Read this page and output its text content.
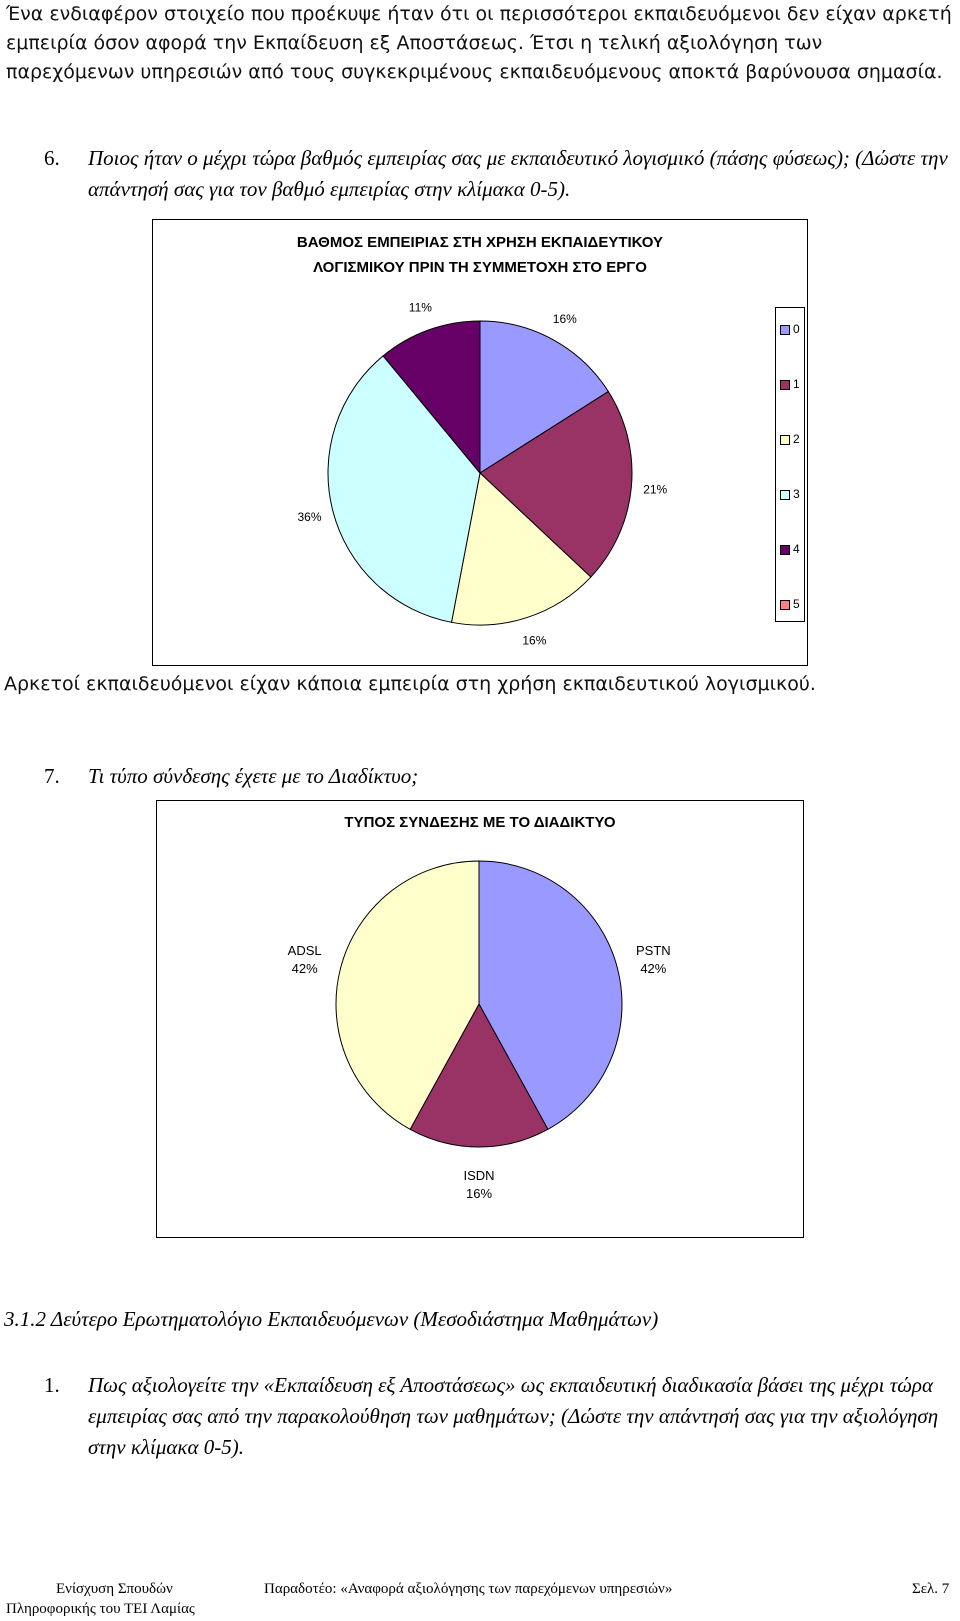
Ένα ενδιαφέρον στοιχείο που προέκυψε ήταν ότι οι περισσότεροι εκπαιδευόμενοι δεν είχαν αρκετή εμπειρία όσον αφορά την Εκπαίδευση εξ Αποστάσεως. Έτσι η τελική αξιολόγηση των παρεχόμενων υπηρεσιών από τους συγκεκριμένους εκπαιδευόμενους αποκτά βαρύνουσα σημασία.
6.	Ποιος ήταν ο μέχρι τώρα βαθμός εμπειρίας σας με εκπαιδευτικό λογισμικό (πάσης φύσεως); (Δώστε την απάντησή σας για τον βαθμό εμπειρίας στην κλίμακα 0-5).
ΒΑΘΜΟΣ ΕΜΠΕΙΡΙΑΣ ΣΤΗ ΧΡΗΣΗ ΕΚΠΑΙΔΕΥΤΙΚΟΥ
ΛΟΓΙΣΜΙΚΟΥ ΠΡΙΝ ΤΗ ΣΥΜΜΕΤΟΧΗ ΣΤΟ ΕΡΓΟ
16%
21%
16%
36%
11%
0
1
2
3
4
5
Αρκετοί εκπαιδευόμενοι είχαν κάποια εμπειρία στη χρήση εκπαιδευτικού λογισμικού.
7.	Τι τύπο σύνδεσης έχετε με το Διαδίκτυο;
ΤΥΠΟΣ ΣΥΝΔΕΣΗΣ ΜΕ ΤΟ ΔΙΑΔΙΚΤΥΟ
PSTN
42%
ISDN
16%
ADSL
42%
3.1.2 Δεύτερο Ερωτηματολόγιο Εκπαιδευόμενων (Μεσοδιάστημα Μαθημάτων)
1.	Πως αξιολογείτε την «Εκπαίδευση εξ Αποστάσεως» ως εκπαιδευτική διαδικασία βάσει της μέχρι τώρα εμπειρίας σας από την παρακολούθηση των μαθημάτων; (Δώστε την απάντησή σας για την αξιολόγηση στην κλίμακα 0-5).
Ενίσχυση Σπουδών
Πληροφορικής του ΤΕΙ Λαμίας
Παραδοτέο: «Αναφορά αξιολόγησης των παρεχόμενων υπηρεσιών»	Σελ. 7
